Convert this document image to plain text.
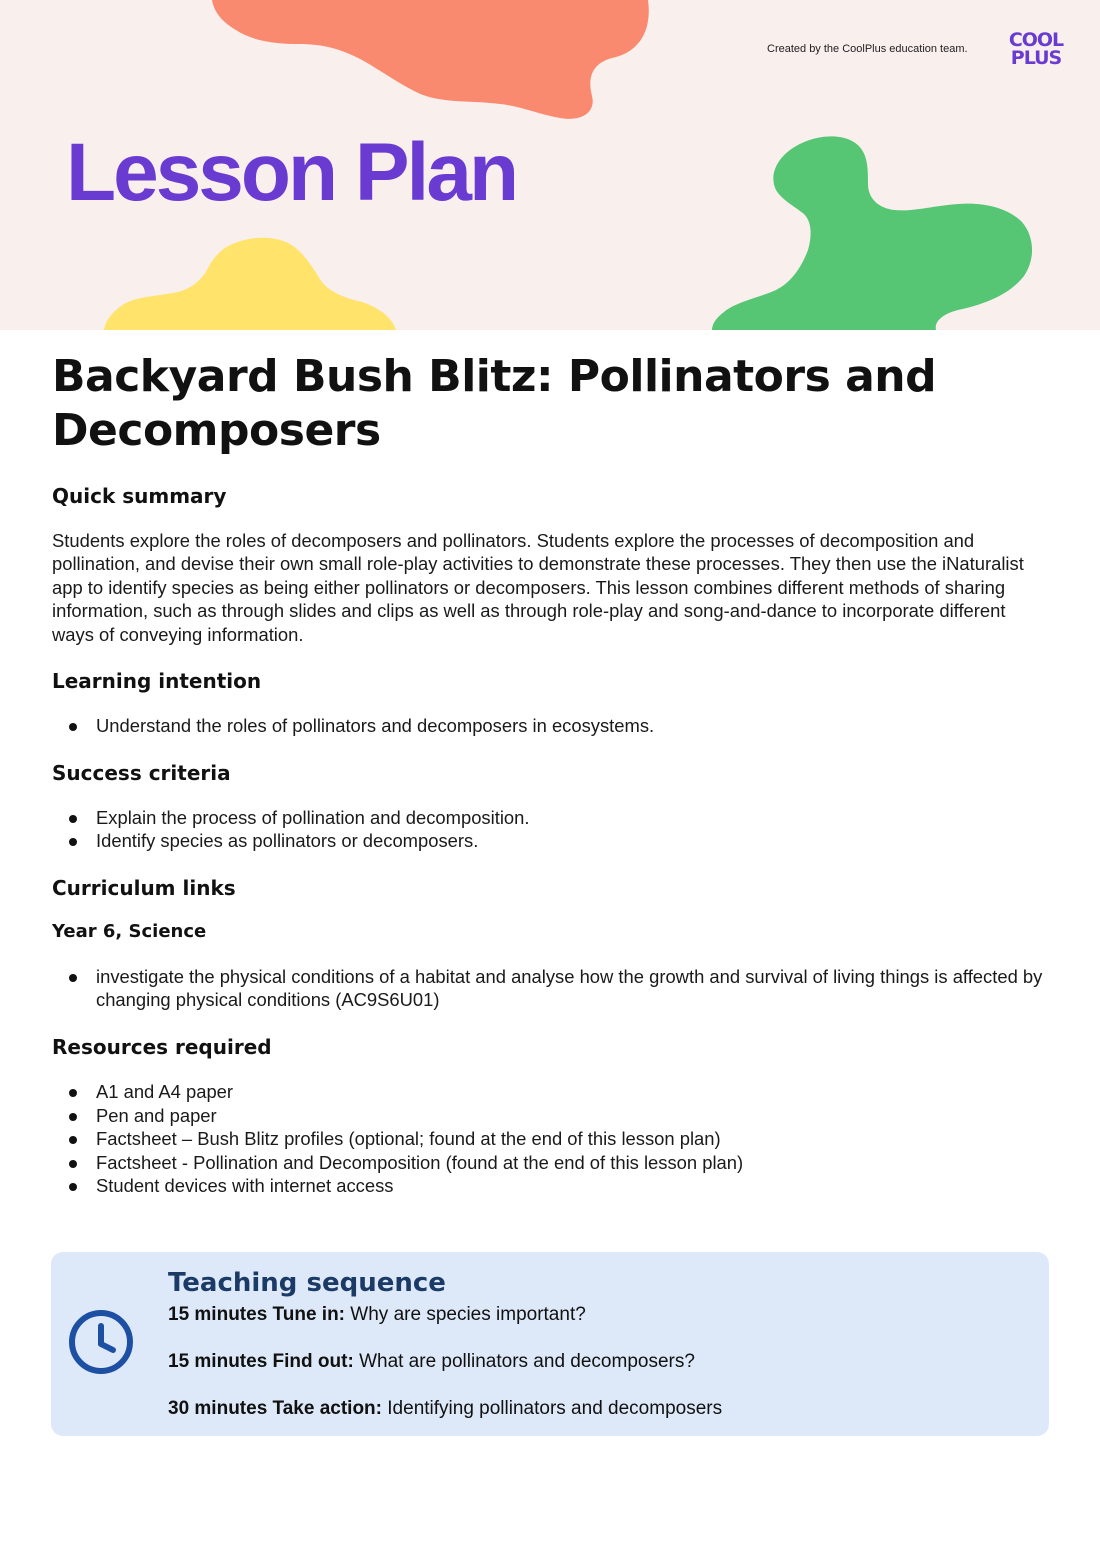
Created by the CoolPlus education team.	COOL
PLUS
Lesson Plan
Backyard Bush Blitz: Pollinators and Decomposers
Quick summary

Students explore the roles of decomposers and pollinators. Students explore the processes of decomposition and pollination, and devise their own small role-play activities to demonstrate these processes. They then use the iNaturalist app to identify species as being either pollinators or decomposers. This lesson combines different methods of sharing information, such as through slides and clips as well as through role-play and song-and-dance to incorporate different ways of conveying information.

Learning intention
Understand the roles of pollinators and decomposers in ecosystems.
Success criteria
Explain the process of pollination and decomposition.
Identify species as pollinators or decomposers.
Curriculum links
Year 6, Science
investigate the physical conditions of a habitat and analyse how the growth and survival of living things is affected by changing physical conditions (AC9S6U01)
Resources required
A1 and A4 paper
Pen and paper
Factsheet – Bush Blitz profiles (optional; found at the end of this lesson plan)
Factsheet - Pollination and Decomposition (found at the end of this lesson plan)
Student devices with internet access
Teaching sequence
15 minutes Tune in: Why are species important?
15 minutes Find out: What are pollinators and decomposers?
30 minutes Take action: Identifying pollinators and decomposers
